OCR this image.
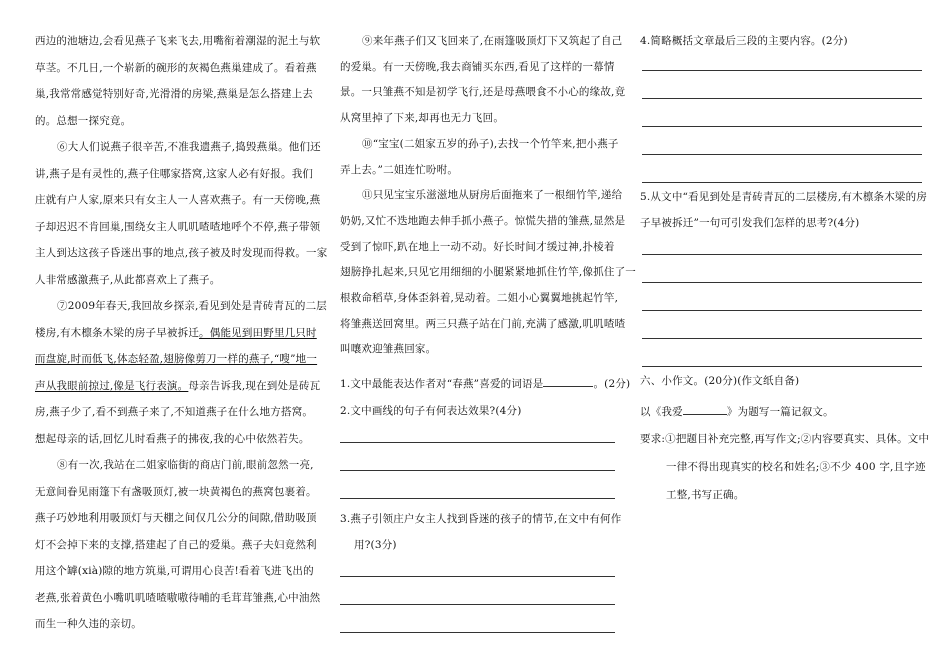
西边的池塘边,会看见燕子飞来飞去,用嘴衔着潮湿的泥土与软
草茎。不几日,一个崭新的碗形的灰褐色燕巢建成了。看着燕
巢,我常常感觉特别好奇,光滑滑的房梁,燕巢是怎么搭建上去
的。总想一探究竟。
⑥大人们说燕子很辛苦,不准我遗燕子,捣毁燕巢。他们还
讲,燕子是有灵性的,燕子住哪家搭窝,这家人必有好报。我们
庄就有户人家,原来只有女主人一人喜欢燕子。有一天傍晚,燕
子却迟迟不肯回巢,围绕女主人叽叽喳喳地呼个不停,燕子带领
主人到达这孩子昏迷出事的地点,孩子被及时发现而得救。一家
人非常感激燕子,从此都喜欢上了燕子。
⑦2009年春天,我回故乡探亲,看见到处是青砖青瓦的二层
楼房,有木檩条木梁的房子早被拆迁。偶能见到田野里几只时
而盘旋,时而低飞,体态轻盈,翅膀像剪刀一样的燕子,“嗖”地一
声从我眼前掠过,像是飞行表演。母亲告诉我,现在到处是砖瓦
房,燕子少了,看不到燕子来了,不知道燕子在什么地方搭窝。
想起母亲的话,回忆儿时看燕子的拂夜,我的心中依然若失。
⑧有一次,我站在二姐家临街的商店门前,眼前忽然一亮,
无意间眷见雨篷下有盏吸顶灯,被一块黄褐色的燕窝包裹着。
燕子巧妙地利用吸顶灯与天棚之间仅几公分的间隙,借助吸顶
灯不会掉下来的支撑,搭建起了自己的爱巢。燕子夫妇竟然利
用这个罅(xià)隙的地方筑巢,可谓用心良苦!看着飞进飞出的
老燕,张着黄色小嘴叽叽喳喳嗷嗷待哺的毛茸茸雏燕,心中油然
而生一种久违的亲切。
⑨来年燕子们又飞回来了,在雨篷吸顶灯下又筑起了自己
的爱巢。有一天傍晚,我去商铺买东西,看见了这样的一幕情
景。一只雏燕不知是初学飞行,还是母燕喂食不小心的缘故,竟
从窝里掉了下来,却再也无力飞回。
⑩“宝宝(二姐家五岁的孙子),去找一个竹竿来,把小燕子
弄上去。”二姐连忙吩咐。
⑪只见宝宝乐滋滋地从厨房后面拖来了一根细竹竿,递给
奶奶,又忙不迭地跑去伸手抓小燕子。惊慌失措的雏燕,显然是
受到了惊吓,趴在地上一动不动。好长时间才缓过神,扑棱着
翅膀挣扎起来,只见它用细细的小腿紧紧地抓住竹竿,像抓住了一
根救命稻草,身体歪斜着,晃动着。二姐小心翼翼地挑起竹竿,
将雏燕送回窝里。两三只燕子站在门前,充满了感激,叽叽喳喳
叫嚷欢迎雏燕回家。
1.文中最能表达作者对“春燕”喜爱的词语是	。(2分)
2.文中画线的句子有何表达效果?(4分)
3.燕子引领庄户女主人找到昏迷的孩子的情节,在文中有何作
用?(3分)
4.简略概括文章最后三段的主要内容。(2分)
5.从文中“看见到处是青砖青瓦的二层楼房,有木檩条木梁的房
子早被拆迁”一句可引发我们怎样的思考?(4分)
六、小作文。(20分)(作文纸自备)
以《我爱	》为题写一篇记叙文。
要求:①把题目补充完整,再写作文;②内容要真实、具体。文中
一律不得出现真实的校名和姓名;③不少 400 字,且字迹
工整,书写正确。
